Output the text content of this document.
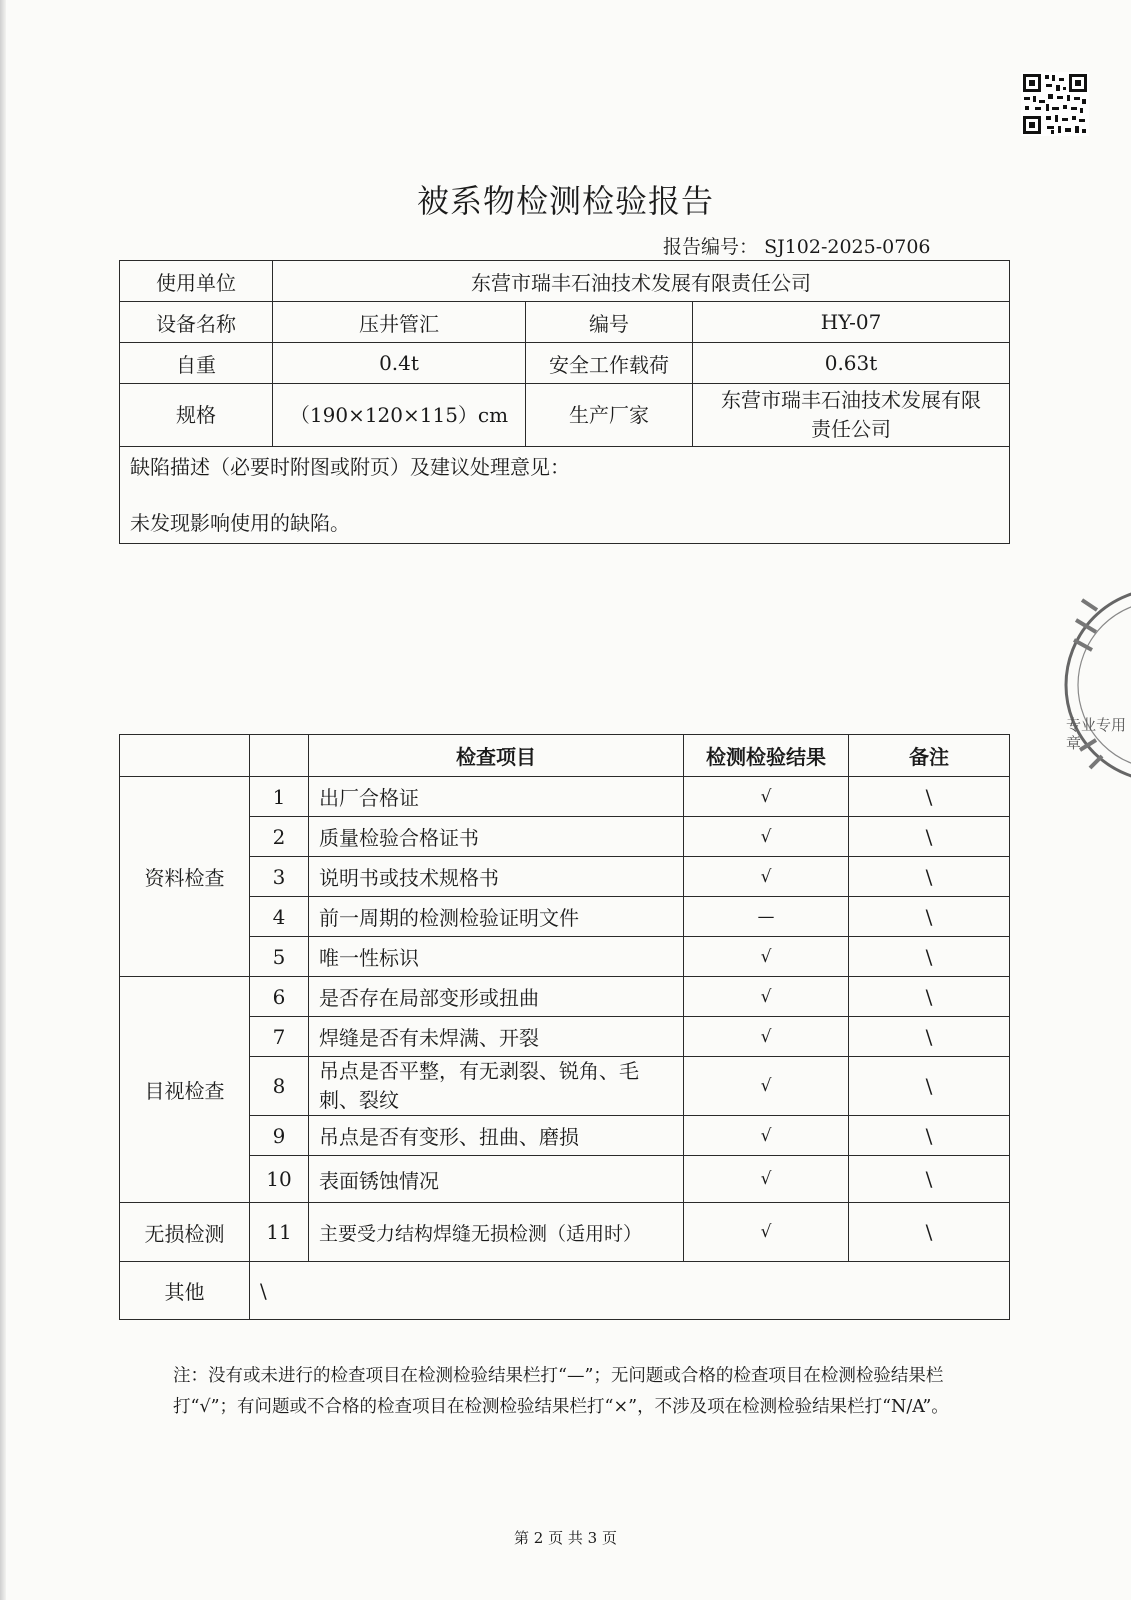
被系物检测检验报告
报告编号： SJ102-2025-0706
使用单位	东营市瑞丰石油技术发展有限责任公司		
设备名称	压井管汇	编号	HY-07
自重	0.4t	安全工作载荷	0.63t
规格	（190×120×115）cm	生产厂家	东营市瑞丰石油技术发展有限责任公司

缺陷描述（必要时附图或附页）及建议处理意见：
未发现影响使用的缺陷。			
		检查项目	检测检验结果	备注
资料检查	1	出厂合格证	√	\
	2	质量检验合格证书	√	\
	3	说明书或技术规格书	√	\
	4	前一周期的检测检验证明文件	—	\
	5	唯一性标识	√	\
目视检查	6	是否存在局部变形或扭曲	√	\
	7	焊缝是否有未焊满、开裂	√	\
	8	吊点是否平整，有无剥裂、锐角、毛刺、裂纹	√	\
	9	吊点是否有变形、扭曲、磨损	√	\
	10	表面锈蚀情况	√	\
无损检测	11	主要受力结构焊缝无损检测（适用时）	√	\
其他	\			
注：没有或未进行的检查项目在检测检验结果栏打“—”；无问题或合格的检查项目在检测检验结果栏打“√”；有问题或不合格的检查项目在检测检验结果栏打“×”，不涉及项在检测检验结果栏打“N/A”。
第 2 页 共 3 页
专业专用章
